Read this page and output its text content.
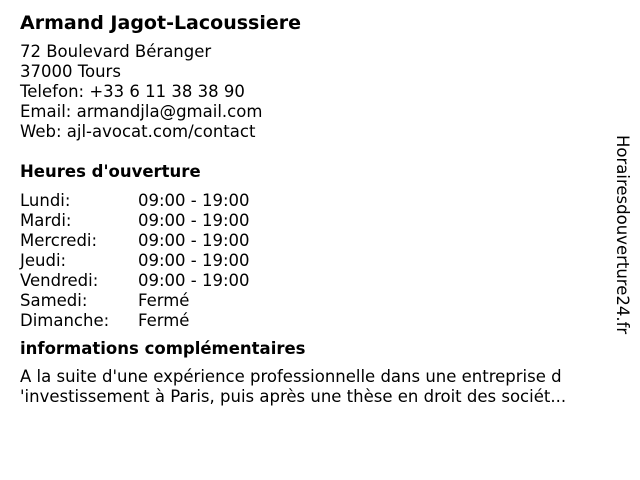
Armand Jagot-Lacoussiere
72 Boulevard Béranger
37000 Tours
Telefon: +33 6 11 38 38 90
Email: armandjla@gmail.com
Web: ajl-avocat.com/contact
Heures d'ouverture
Lundi:	09:00 - 19:00
Mardi:	09:00 - 19:00
Mercredi:	09:00 - 19:00
Jeudi:	09:00 - 19:00
Vendredi:	09:00 - 19:00
Samedi:	Fermé
Dimanche:	Fermé
informations complémentaires
A la suite d'une expérience professionnelle dans une entreprise d
'investissement à Paris, puis après une thèse en droit des sociét...
Horairesdouverture24.fr
